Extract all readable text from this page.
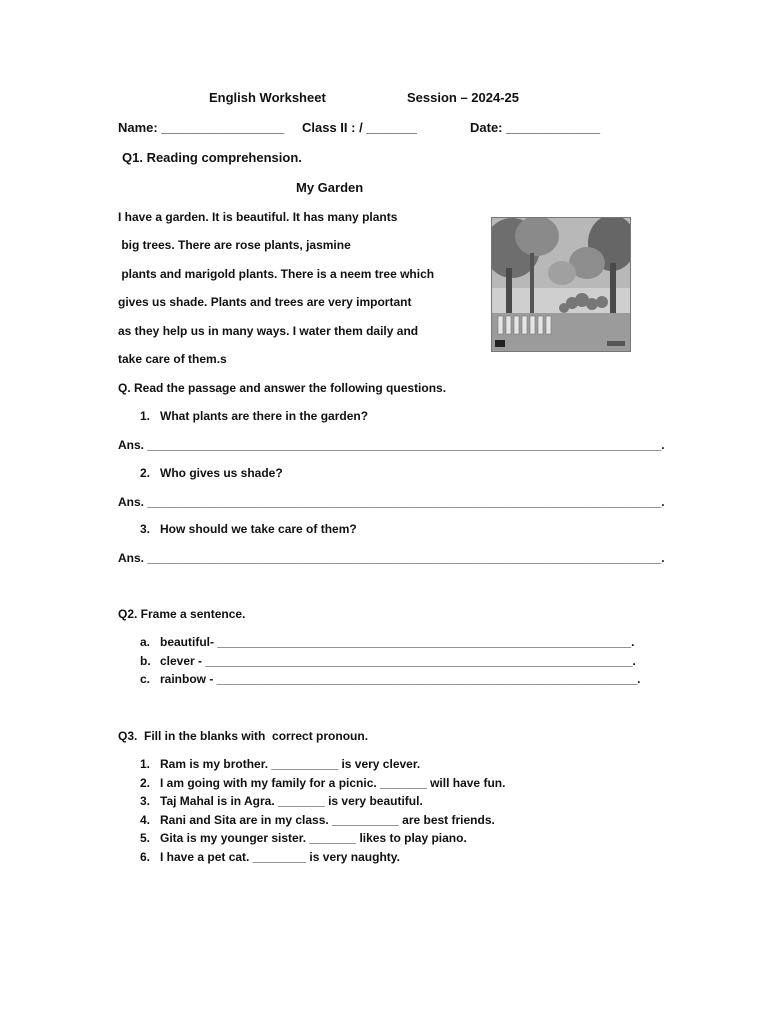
English Worksheet	Session – 2024-25
Name: _________________ Class II : / _______	Date: _____________
Q1. Reading comprehension.
My Garden
I have a garden. It is beautiful. It has many plants
big trees. There are rose plants, jasmine
plants and marigold plants. There is a neem tree which
gives us shade. Plants and trees are very important
as they help us in many ways. I water them daily and
take care of them.s
Q. Read the passage and answer the following questions.
1. What plants are there in the garden?
Ans. _____________________________________________________________________________.
2. Who gives us shade?
Ans. _____________________________________________________________________________.
3. How should we take care of them?
Ans. _____________________________________________________________________________.
Q2. Frame a sentence.
a. beautiful- ______________________________________________________________.
b. clever - ________________________________________________________________.
c. rainbow - _______________________________________________________________.
Q3.  Fill in the blanks with  correct pronoun.
1. Ram is my brother. __________ is very clever.
2. I am going with my family for a picnic. _______ will have fun.
3. Taj Mahal is in Agra. _______ is very beautiful.
4. Rani and Sita are in my class. __________ are best friends.
5. Gita is my younger sister. _______ likes to play piano.
6. I have a pet cat. ________ is very naughty.
